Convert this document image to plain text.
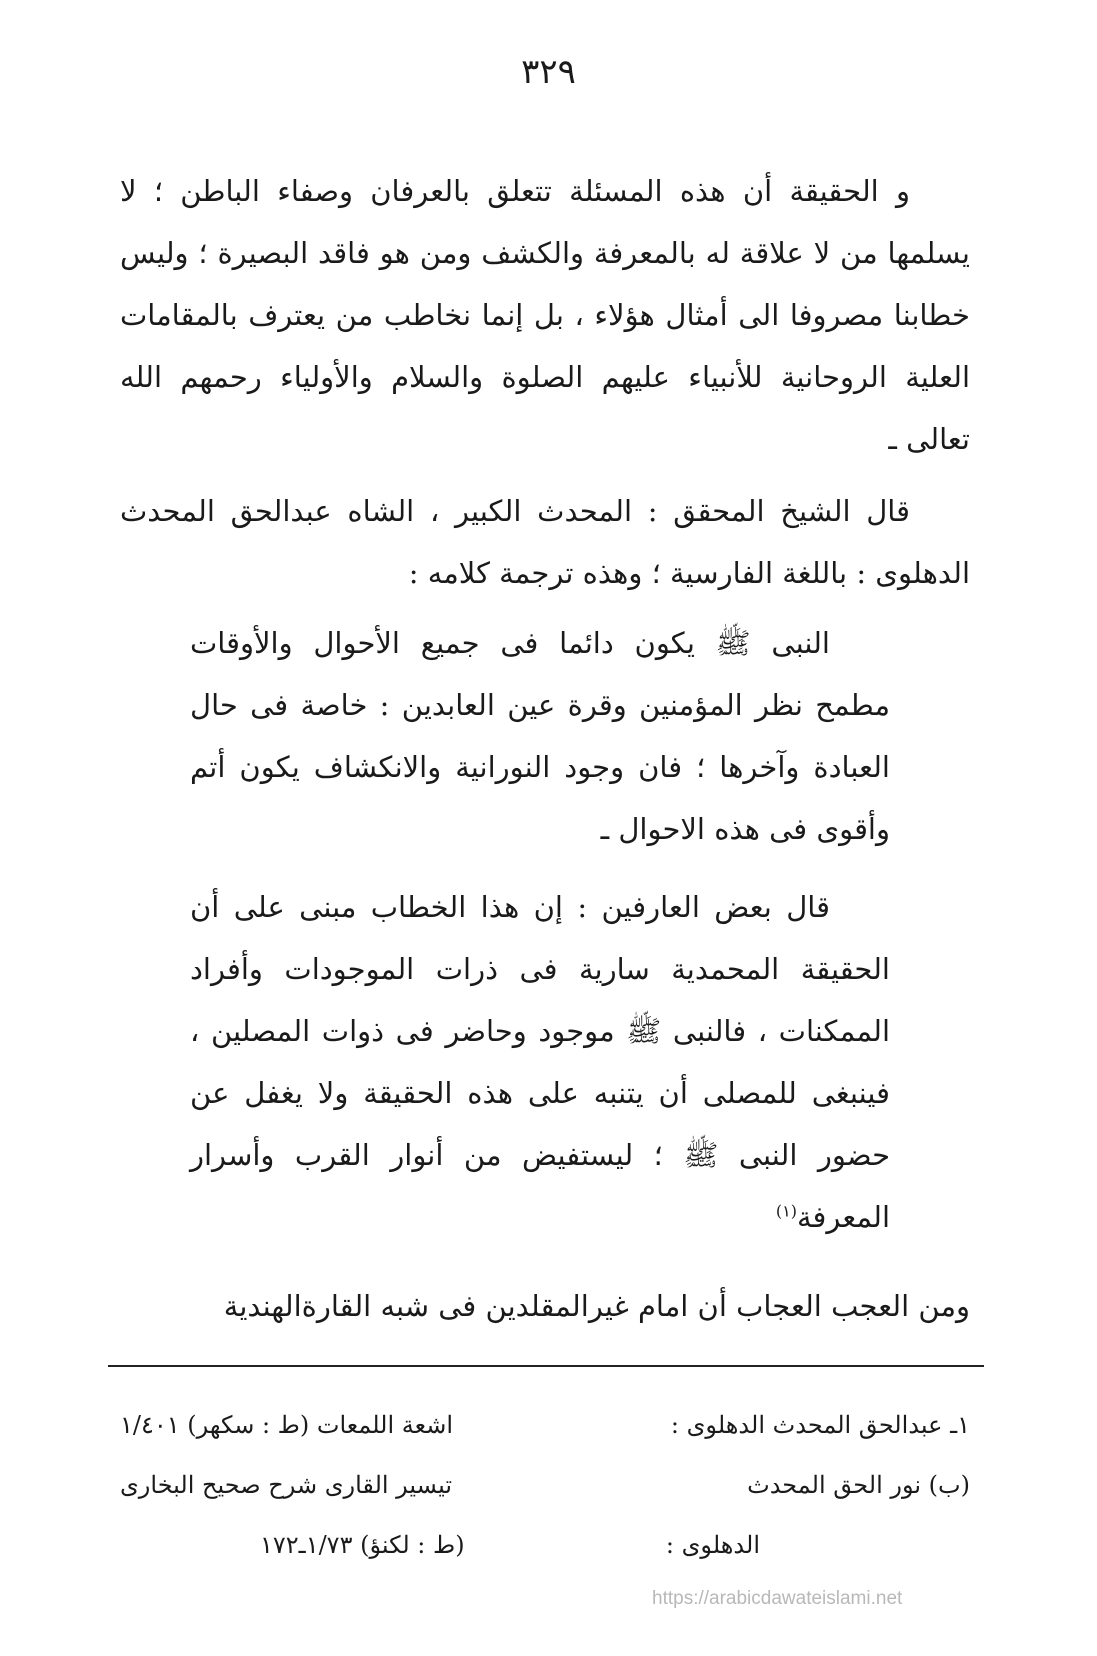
٣٢٩
و الحقيقة أن هذه المسئلة تتعلق بالعرفان وصفاء الباطن ؛ لا يسلمها من لا علاقة له بالمعرفة والكشف ومن هو فاقد البصيرة ؛ وليس خطابنا مصروفا الى أمثال هؤلاء ، بل إنما نخاطب من يعترف بالمقامات العلية الروحانية للأنبياء عليهم الصلوة والسلام والأولياء رحمهم الله تعالى ـ
قال الشيخ المحقق : المحدث الكبير ، الشاه عبدالحق المحدث الدهلوى : باللغة الفارسية ؛ وهذه ترجمة كلامه :
النبى ﷺ يكون دائما فى جميع الأحوال والأوقات مطمح نظر المؤمنين وقرة عين العابدين : خاصة فى حال العبادة وآخرها ؛ فان وجود النورانية والانكشاف يكون أتم وأقوى فى هذه الاحوال ـ
قال بعض العارفين : إن هذا الخطاب مبنى على أن الحقيقة المحمدية سارية فى ذرات الموجودات وأفراد الممكنات ، فالنبى ﷺ موجود وحاضر فى ذوات المصلين ، فينبغى للمصلى أن يتنبه على هذه الحقيقة ولا يغفل عن حضور النبى ﷺ ؛ ليستفيض من أنوار القرب وأسرار المعرفة$^{(١)}$
ومن العجب العجاب أن امام غيرالمقلدين فى شبه القارةالهندية
١ـ عبدالحق المحدث الدهلوى :
اشعة اللمعات (ط : سكهر) ١/٤٠١
(ب) نور الحق المحدث
تيسير القارى شرح صحيح البخارى
الدهلوى :
(ط : لكنؤ) ١/٧٣ـ١٧٢
https://arabicdawateislami.net
